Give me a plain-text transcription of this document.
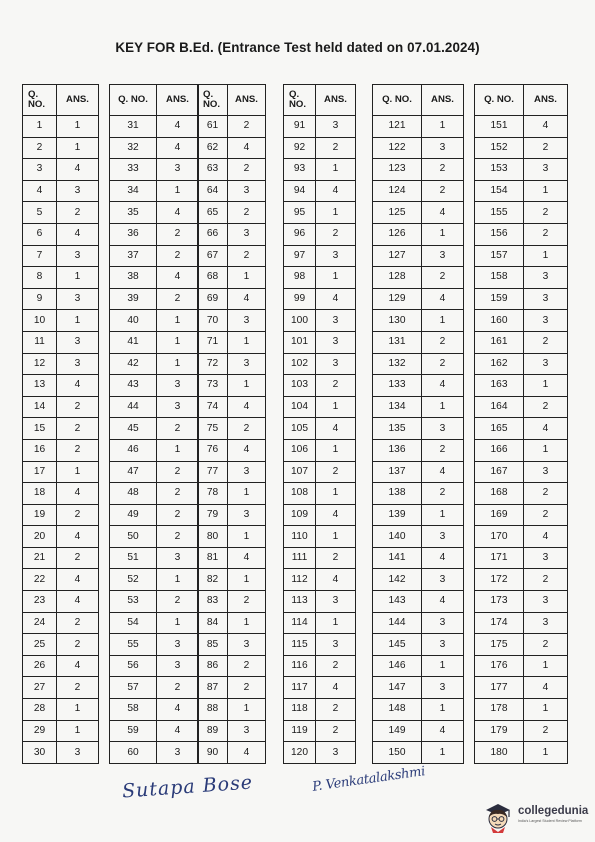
KEY FOR B.Ed. (Entrance Test held dated on 07.01.2024)
Q. NO.	ANS.
1	1
2	1
3	4
4	3
5	2
6	4
7	3
8	1
9	3
10	1
11	3
12	3
13	4
14	2
15	2
16	2
17	1
18	4
19	2
20	4
21	2
22	4
23	4
24	2
25	2
26	4
27	2
28	1
29	1
30	3
Q. NO.	ANS.
31	4
32	4
33	3
34	1
35	4
36	2
37	2
38	4
39	2
40	1
41	1
42	1
43	3
44	3
45	2
46	1
47	2
48	2
49	2
50	2
51	3
52	1
53	2
54	1
55	3
56	3
57	2
58	4
59	4
60	3
Q. NO.	ANS.
61	2
62	4
63	2
64	3
65	2
66	3
67	2
68	1
69	4
70	3
71	1
72	3
73	1
74	4
75	2
76	4
77	3
78	1
79	3
80	1
81	4
82	1
83	2
84	1
85	3
86	2
87	2
88	1
89	3
90	4
Q. NO.	ANS.
91	3
92	2
93	1
94	4
95	1
96	2
97	3
98	1
99	4
100	3
101	3
102	3
103	2
104	1
105	4
106	1
107	2
108	1
109	4
110	1
111	2
112	4
113	3
114	1
115	3
116	2
117	4
118	2
119	2
120	3
Q. NO.	ANS.
121	1
122	3
123	2
124	2
125	4
126	1
127	3
128	2
129	4
130	1
131	2
132	2
133	4
134	1
135	3
136	2
137	4
138	2
139	1
140	3
141	4
142	3
143	4
144	3
145	3
146	1
147	3
148	1
149	4
150	1
Q. NO.	ANS.
151	4
152	2
153	3
154	1
155	2
156	2
157	1
158	3
159	3
160	3
161	2
162	3
163	1
164	2
165	4
166	1
167	3
168	2
169	2
170	4
171	3
172	2
173	3
174	3
175	2
176	1
177	4
178	1
179	2
180	1
Sutapa Bose	P. Venkatalakshmi
collegedunia
India's Largest Student Review Platform
